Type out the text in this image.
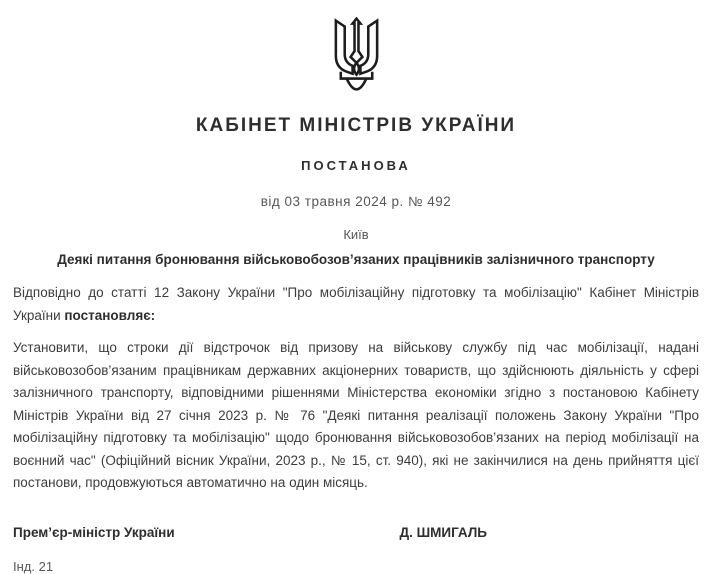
КАБІНЕТ МІНІСТРІВ УКРАЇНИ
ПОСТАНОВА
від 03 травня 2024 р. № 492
Київ
Деякі питання бронювання військовобозов’язаних працівників залізничного транспорту
Відповідно до статті 12 Закону України "Про мобілізаційну підготовку та мобілізацію" Кабінет Міністрів України постановляє:
Установити, що строки дії відстрочок від призову на військову службу під час мобілізації, надані військовозобов’язаним працівникам державних акціонерних товариств, що здійснюють діяльність у сфері залізничного транспорту, відповідними рішеннями Міністерства економіки згідно з постановою Кабінету Міністрів України від 27 січня 2023 р. № 76 "Деякі питання реалізації положень Закону України "Про мобілізаційну підготовку та мобілізацію" щодо бронювання військовозобов’язаних на період мобілізації на воєнний час" (Офіційний вісник України, 2023 р., № 15, ст. 940), які не закінчилися на день прийняття цієї постанови, продовжуються автоматично на один місяць.
Прем’єр-міністр України	Д. ШМИГАЛЬ
Інд. 21
